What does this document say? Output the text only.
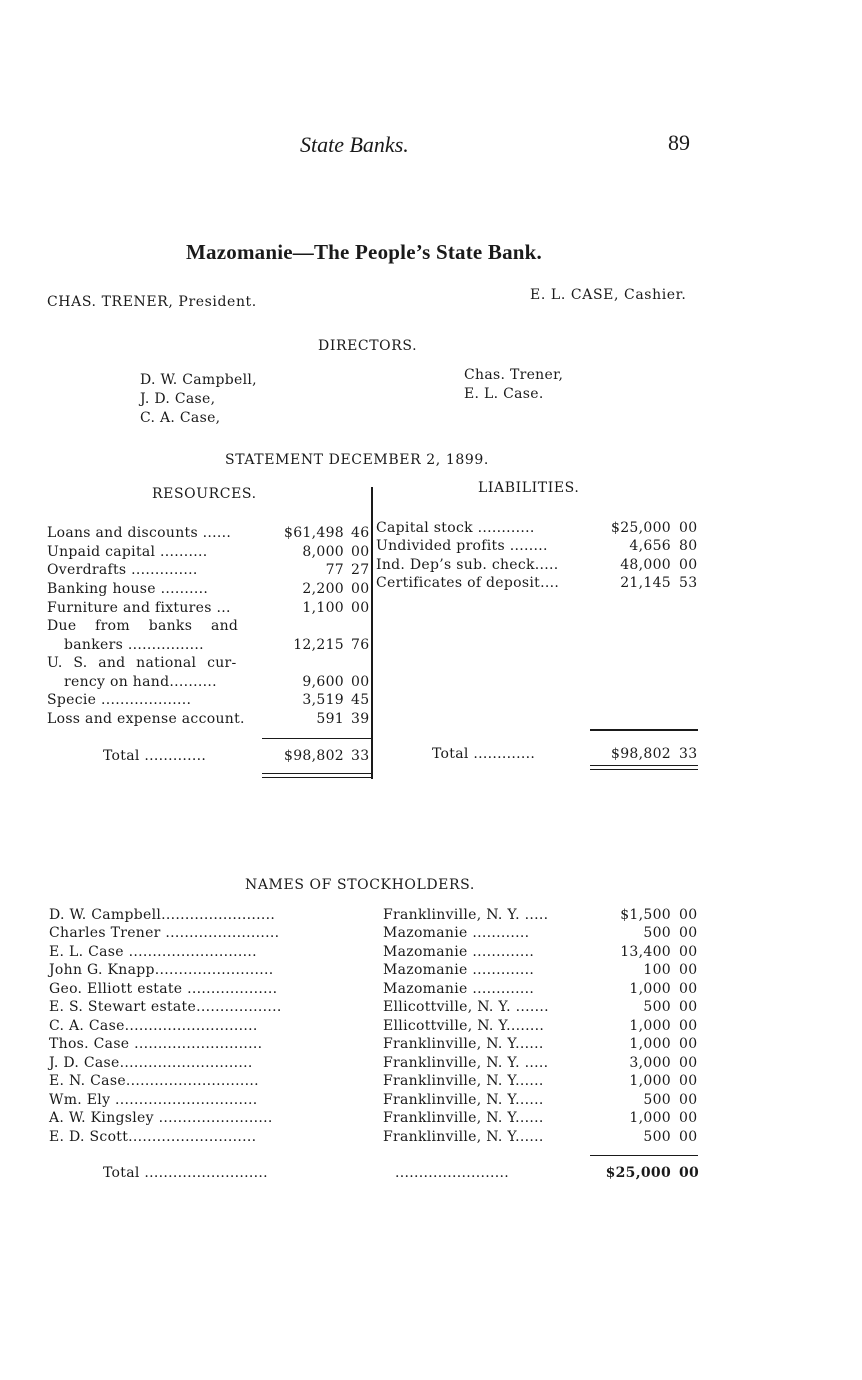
State Banks.	89
Mazomanie—The People’s State Bank.
CHAS. TRENER, President.	E. L. CASE, Cashier.
DIRECTORS.
D. W. Campbell,
J. D. Case,
C. A. Case,
Chas. Trener,
E. L. Case.
STATEMENT DECEMBER 2, 1899.
RESOURCES.	LIABILITIES.
Loans and discounts ......	$61,498 46
Unpaid capital ..........	8,000 00
Overdrafts ..............	77 27
Banking house ..........	2,200 00
Furniture and fixtures ...	1,100 00
Due from banks and
bankers ................	12,215 76
U. S. and national cur-
rency on hand..........	9,600 00
Specie ...................	3,519 45
Loss and expense account.	591 39
Total .............	$98,802 33
Capital stock ............	$25,000 00
Undivided profits ........	4,656 80
Ind. Dep’s sub. check.....	48,000 00
Certificates of deposit....	21,145 53
Total .............	$98,802 33
NAMES OF STOCKHOLDERS.
D. W. Campbell........................	Franklinville, N. Y. .....	$1,500 00
Charles Trener ........................	Mazomanie ............	500 00
E. L. Case ...........................	Mazomanie .............	13,400 00
John G. Knapp.........................	Mazomanie .............	100 00
Geo. Elliott estate ...................	Mazomanie .............	1,000 00
E. S. Stewart estate..................	Ellicottville, N. Y. .......	500 00
C. A. Case............................	Ellicottville, N. Y........	1,000 00
Thos. Case ...........................	Franklinville, N. Y......	1,000 00
J. D. Case............................	Franklinville, N. Y. .....	3,000 00
E. N. Case............................	Franklinville, N. Y......	1,000 00
Wm. Ely ..............................	Franklinville, N. Y......	500 00
A. W. Kingsley ........................	Franklinville, N. Y......	1,000 00
E. D. Scott...........................	Franklinville, N. Y......	500 00
Total ..........................	........................	$25,000 00
